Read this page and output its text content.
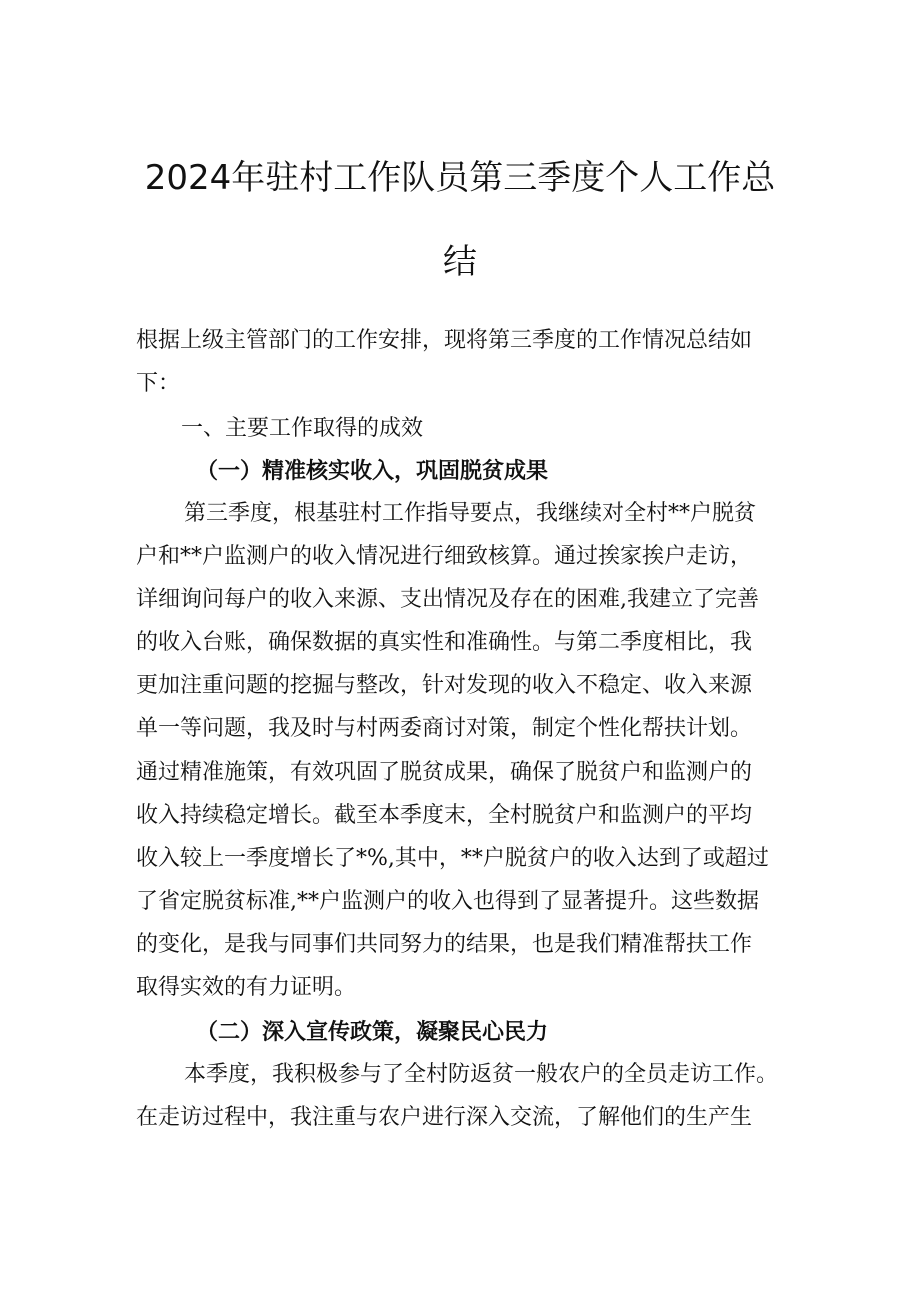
2024年驻村工作队员第三季度个人工作总
结
根据上级主管部门的工作安排，现将第三季度的工作情况总结如
下：
一、主要工作取得的成效
（一）精准核实收入，巩固脱贫成果
第三季度，根基驻村工作指导要点，我继续对全村**户脱贫
户和**户监测户的收入情况进行细致核算。通过挨家挨户走访，
详细询问每户的收入来源、支出情况及存在的困难,我建立了完善
的收入台账，确保数据的真实性和准确性。与第二季度相比，我
更加注重问题的挖掘与整改，针对发现的收入不稳定、收入来源
单一等问题，我及时与村两委商讨对策，制定个性化帮扶计划。
通过精准施策，有效巩固了脱贫成果，确保了脱贫户和监测户的
收入持续稳定增长。截至本季度末，全村脱贫户和监测户的平均
收入较上一季度增长了*%,其中，**户脱贫户的收入达到了或超过
了省定脱贫标准,**户监测户的收入也得到了显著提升。这些数据
的变化，是我与同事们共同努力的结果，也是我们精准帮扶工作
取得实效的有力证明。
（二）深入宣传政策，凝聚民心民力
本季度，我积极参与了全村防返贫一般农户的全员走访工作。
在走访过程中，我注重与农户进行深入交流，了解他们的生产生
